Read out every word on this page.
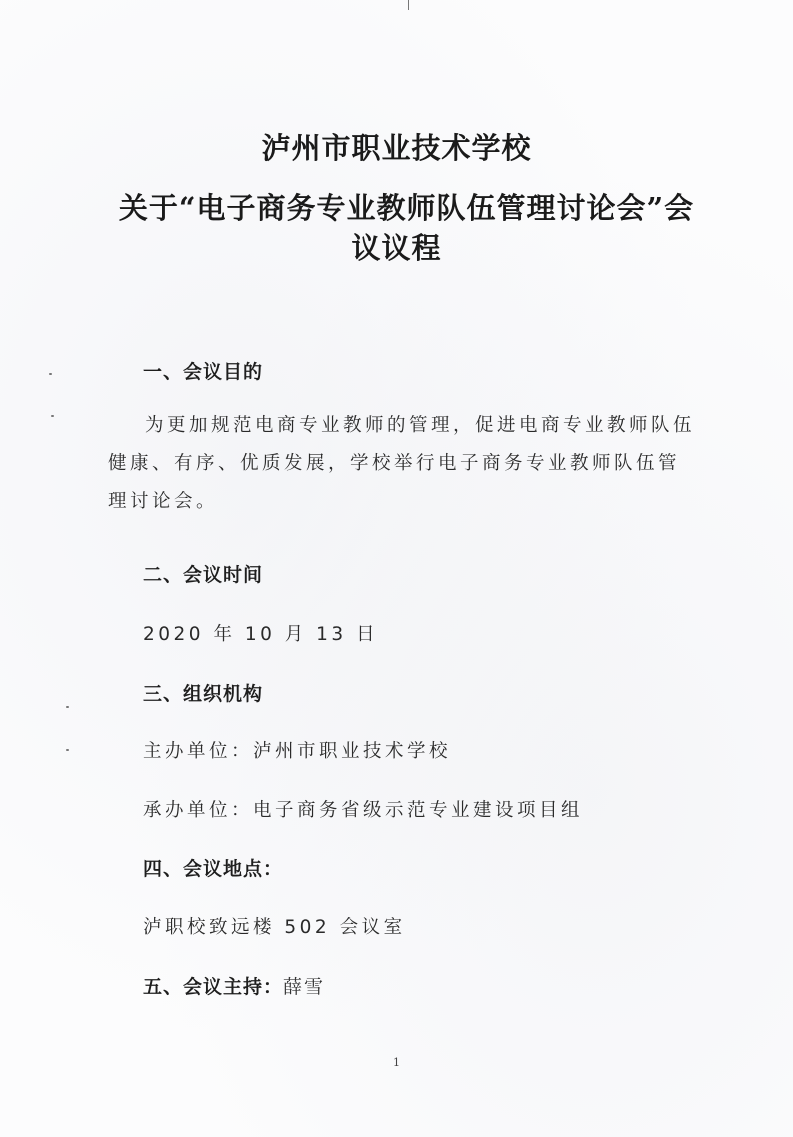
泸州市职业技术学校
关于“电子商务专业教师队伍管理讨论会”会
议议程
一、会议目的
为更加规范电商专业教师的管理，促进电商专业教师队伍健康、有序、优质发展，学校举行电子商务专业教师队伍管理讨论会。
二、会议时间
2020 年 10 月 13 日
三、组织机构
主办单位：泸州市职业技术学校
承办单位：电子商务省级示范专业建设项目组
四、会议地点：
泸职校致远楼 502 会议室
五、会议主持：薛雪
1
